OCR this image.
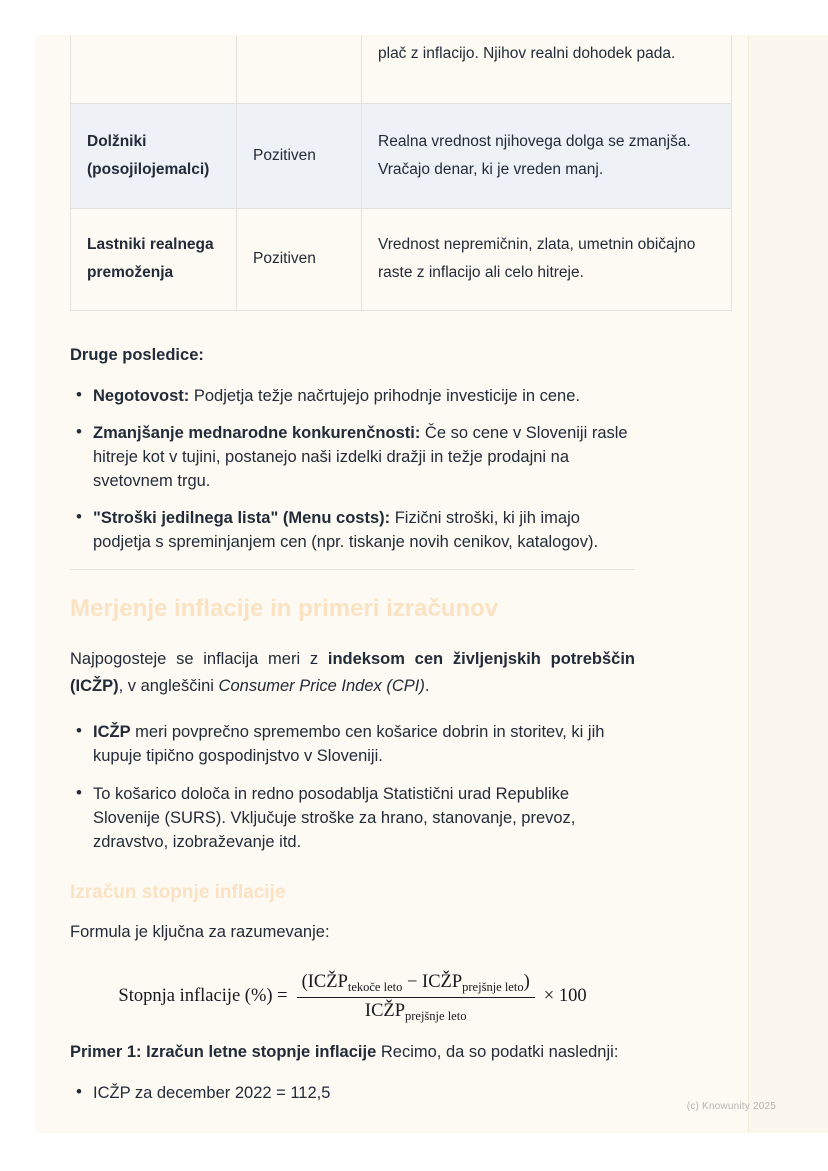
		plač z inflacijo. Njihov realni dohodek pada.
Dolžniki (posojilojemalci)	Pozitiven	Realna vrednost njihovega dolga se zmanjša. Vračajo denar, ki je vreden manj.
Lastniki realnega premoženja	Pozitiven	Vrednost nepremičnin, zlata, umetnin običajno raste z inflacijo ali celo hitreje.
Druge posledice:
• Negotovost: Podjetja težje načrtujejo prihodnje investicije in cene.
• Zmanjšanje mednarodne konkurenčnosti: Če so cene v Sloveniji rasle hitreje kot v tujini, postanejo naši izdelki dražji in težje prodajni na svetovnem trgu.
• "Stroški jedilnega lista" (Menu costs): Fizični stroški, ki jih imajo podjetja s spreminjanjem cen (npr. tiskanje novih cenikov, katalogov).
Merjenje inflacije in primeri izračunov
Najpogosteje se inflacija meri z indeksom cen življenjskih potrebščin (ICŽP), v angleščini Consumer Price Index (CPI).
• ICŽP meri povprečno spremembo cen košarice dobrin in storitev, ki jih kupuje tipično gospodinjstvo v Sloveniji.
• To košarico določa in redno posodablja Statistični urad Republike Slovenije (SURS). Vključuje stroške za hrano, stanovanje, prevoz, zdravstvo, izobraževanje itd.
Izračun stopnje inflacije
Formula je ključna za razumevanje:
Stopnja inflacije (%) = $\frac{(ICŽP_{tekoče leto} - ICŽP_{prejšnje leto})}{ICŽP_{prejšnje leto}} \times 100$
Primer 1: Izračun letne stopnje inflacije Recimo, da so podatki naslednji:
• ICŽP za december 2022 = 112,5
(c) Knowunity 2025
